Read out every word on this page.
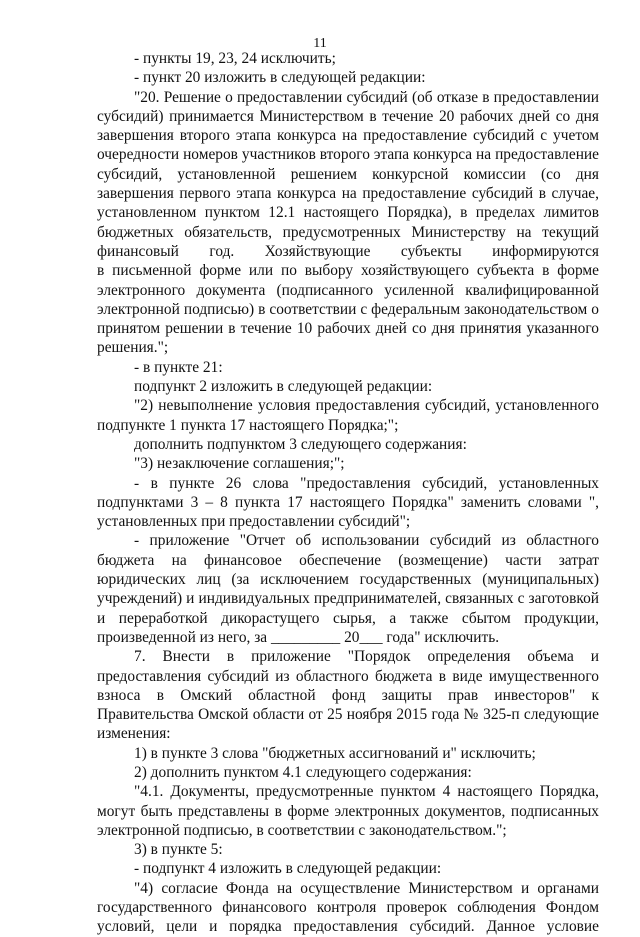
11
- пункты 19, 23, 24 исключить;
- пункт 20 изложить в следующей редакции:
"20. Решение о предоставлении субсидий (об отказе в предоставлении
субсидий) принимается Министерством в течение 20 рабочих дней со дня
завершения второго этапа конкурса на предоставление субсидий с учетом
очередности номеров участников второго этапа конкурса на предоставление
субсидий, установленной решением конкурсной комиссии (со дня
завершения первого этапа конкурса на предоставление субсидий в случае,
установленном пунктом 12.1 настоящего Порядка), в пределах лимитов
бюджетных обязательств, предусмотренных Министерству на текущий
финансовый год. Хозяйствующие субъекты информируются
в письменной форме или по выбору хозяйствующего субъекта в форме
электронного документа (подписанного усиленной квалифицированной
электронной подписью) в соответствии с федеральным законодательством о
принятом решении в течение 10 рабочих дней со дня принятия указанного
решения.";
- в пункте 21:
подпункт 2 изложить в следующей редакции:
"2) невыполнение условия предоставления субсидий, установленного
подпункте 1 пункта 17 настоящего Порядка;";
дополнить подпунктом 3 следующего содержания:
"3) незаключение соглашения;";
- в пункте 26 слова "предоставления субсидий, установленных
подпунктами 3 – 8 пункта 17 настоящего Порядка" заменить словами ",
установленных при предоставлении субсидий";
- приложение "Отчет об использовании субсидий из областного
бюджета на финансовое обеспечение (возмещение) части затрат
юридических лиц (за исключением государственных (муниципальных)
учреждений) и индивидуальных предпринимателей, связанных с заготовкой
и переработкой дикорастущего сырья, а также сбытом продукции,
произведенной из него, за _________ 20___ года" исключить.
7. Внести в приложение "Порядок определения объема и
предоставления субсидий из областного бюджета в виде имущественного
взноса в Омский областной фонд защиты прав инвесторов" к
Правительства Омской области от 25 ноября 2015 года № 325-п следующие
изменения:
1) в пункте 3 слова "бюджетных ассигнований и" исключить;
2) дополнить пунктом 4.1 следующего содержания:
"4.1. Документы, предусмотренные пунктом 4 настоящего Порядка,
могут быть представлены в форме электронных документов, подписанных
электронной подписью, в соответствии с законодательством.";
3) в пункте 5:
- подпункт 4 изложить в следующей редакции:
"4) согласие Фонда на осуществление Министерством и органами
государственного финансового контроля проверок соблюдения Фондом
условий, цели и порядка предоставления субсидий. Данное условие
